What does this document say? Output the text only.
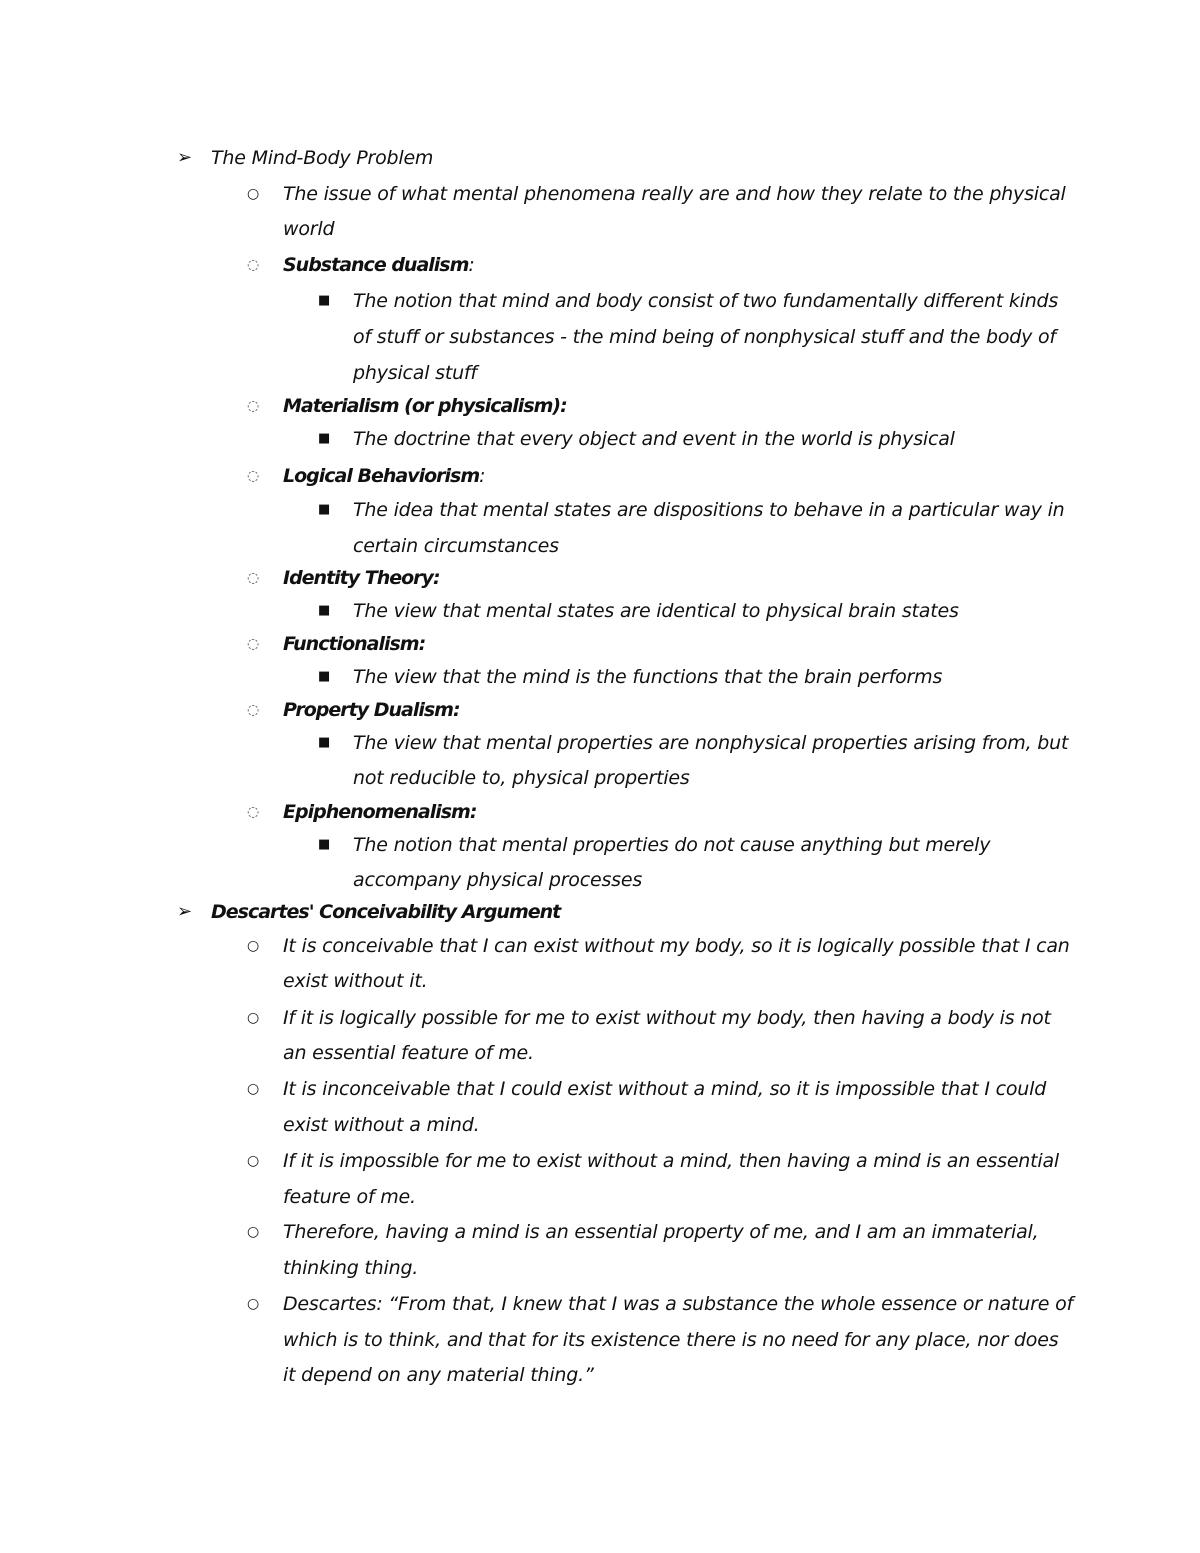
➢ The Mind-Body Problem
○ The issue of what mental phenomena really are and how they relate to the physical
world
◌ Substance dualism:
■ The notion that mind and body consist of two fundamentally different kinds
of stuff or substances - the mind being of nonphysical stuff and the body of
physical stuff
◌ Materialism (or physicalism):
■ The doctrine that every object and event in the world is physical
◌ Logical Behaviorism:
■ The idea that mental states are dispositions to behave in a particular way in
certain circumstances
◌ Identity Theory:
■ The view that mental states are identical to physical brain states
◌ Functionalism:
■ The view that the mind is the functions that the brain performs
◌ Property Dualism:
■ The view that mental properties are nonphysical properties arising from, but
not reducible to, physical properties
◌ Epiphenomenalism:
■ The notion that mental properties do not cause anything but merely
accompany physical processes
➢ Descartes' Conceivability Argument
○ It is conceivable that I can exist without my body, so it is logically possible that I can
exist without it.
○ If it is logically possible for me to exist without my body, then having a body is not
an essential feature of me.
○ It is inconceivable that I could exist without a mind, so it is impossible that I could
exist without a mind.
○ If it is impossible for me to exist without a mind, then having a mind is an essential
feature of me.
○ Therefore, having a mind is an essential property of me, and I am an immaterial,
thinking thing.
○ Descartes: “From that, I knew that I was a substance the whole essence or nature of
which is to think, and that for its existence there is no need for any place, nor does
it depend on any material thing.”
